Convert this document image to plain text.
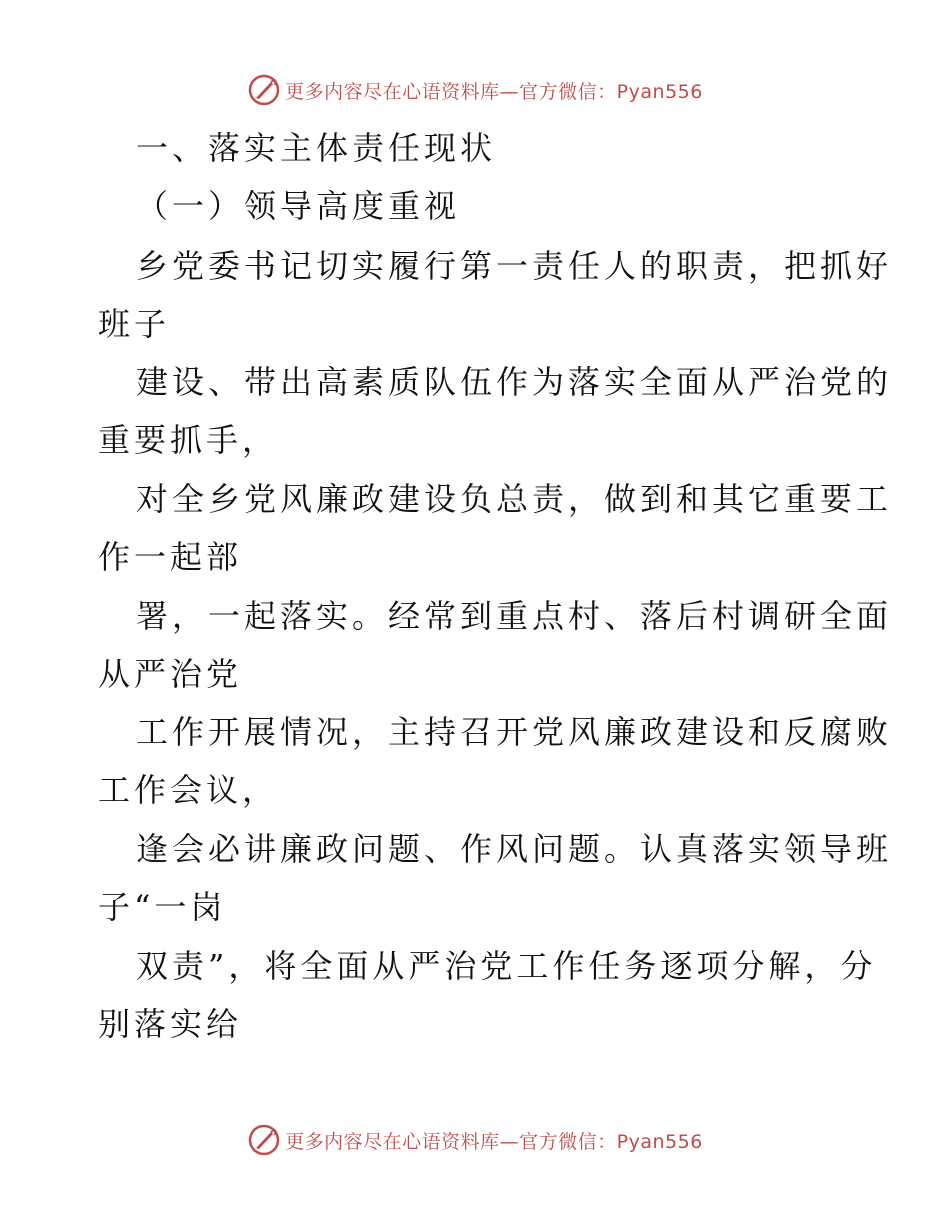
更多内容尽在心语资料库—官方微信：Pyan556
一、落实主体责任现状
（一）领导高度重视
乡党委书记切实履行第一责任人的职责，把抓好
班子
建设、带出高素质队伍作为落实全面从严治党的
重要抓手，
对全乡党风廉政建设负总责，做到和其它重要工
作一起部
署，一起落实。经常到重点村、落后村调研全面
从严治党
工作开展情况，主持召开党风廉政建设和反腐败
工作会议，
逢会必讲廉政问题、作风问题。认真落实领导班
子“一岗
双责”，将全面从严治党工作任务逐项分解，分
别落实给
更多内容尽在心语资料库—官方微信：Pyan556
